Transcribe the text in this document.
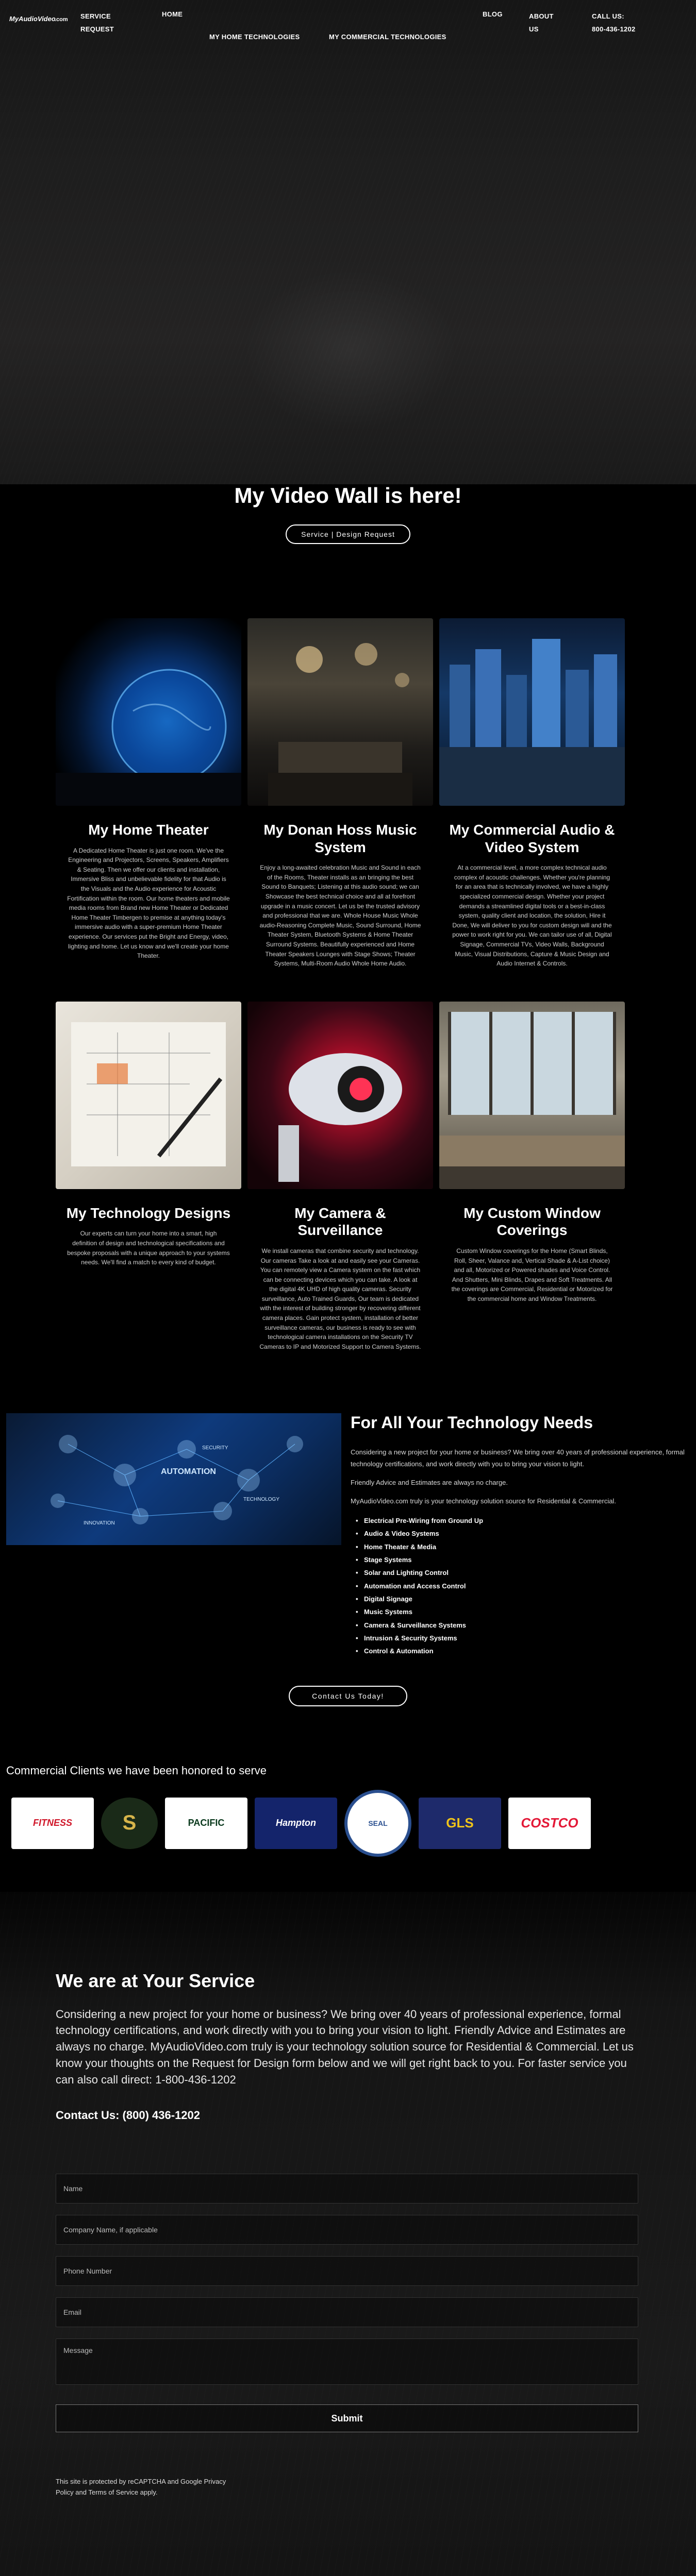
MyAudioVideo
.com SERVICE REQUEST
HOME
MY HOME TECHNOLOGIES	MY COMMERCIAL TECHNOLOGIES
BLOG	ABOUT US
CALL US: 800-436-1202
My Video Wall is here!
Service | Design Request
My Home Theater

A Dedicated Home Theater is just one room. We've the Engineering and Projectors, Screens, Speakers, Amplifiers & Seating. Then we offer our clients and installation, Immersive Bliss and unbelievable fidelity for that Audio is the Visuals and the Audio experience for Acoustic Fortification within the room. Our home theaters and mobile media rooms from Brand new Home Theater or Dedicated Home Theater Timbergen to premise at anything today's immersive audio with a super-premium Home Theater experience. Our services put the Bright and Energy, video, lighting and home. Let us know and we'll create your home Theater.

My Donan Hoss Music System

Enjoy a long-awaited celebration Music and Sound in each of the Rooms, Theater installs as an bringing the best Sound to Banquets; Listening at this audio sound; we can Showcase the best technical choice and all at forefront upgrade in a music concert. Let us be the trusted advisory and professional that we are. Whole House Music Whole audio-Reasoning Complete Music, Sound Surround, Home Theater System, Bluetooth Systems & Home Theater Surround Systems. Beautifully experienced and Home Theater Speakers Lounges with Stage Shows; Theater Systems, Multi-Room Audio Whole Home Audio.

My Commercial Audio & Video System

At a commercial level, a more complex technical audio complex of acoustic challenges. Whether you're planning for an area that is technically involved, we have a highly specialized commercial design. Whether your project demands a streamlined digital tools or a best-in-class system, quality client and location, the solution, Hire it Done, We will deliver to you for custom design will and the power to work right for you. We can tailor use of all, Digital Signage, Commercial TVs, Video Walls, Background Music, Visual Distributions, Capture & Music Design and Audio Internet & Controls.

My Technology Designs

Our experts can turn your home into a smart, high definition of design and technological specifications and bespoke proposals with a unique approach to your systems needs. We'll find a match to every kind of budget.

My Camera & Surveillance

We install cameras that combine security and technology. Our cameras Take a look at and easily see your Cameras. You can remotely view a Camera system on the fast which can be connecting devices which you can take. A look at the digital 4K UHD of high quality cameras. Security surveillance, Auto Trained Guards, Our team is dedicated with the interest of building stronger by recovering different camera places. Gain protect system, installation of better surveillance cameras, our business is ready to see with technological camera installations on the Security TV Cameras to IP and Motorized Support to Camera Systems.

My Custom Window Coverings

Custom Window coverings for the Home (Smart Blinds, Roll, Sheer, Valance and, Vertical Shade & A-List choice) and all, Motorized or Powered shades and Voice Control. And Shutters, Mini Blinds, Drapes and Soft Treatments. All the coverings are Commercial, Residential or Motorized for the commercial home and Window Treatments.

AUTOMATION
SECURITY
TECHNOLOGY
INNOVATION
For All Your Technology Needs

Considering a new project for your home or business? We bring over 40 years of professional experience, formal technology certifications, and work directly with you to bring your vision to light.

Friendly Advice and Estimates are always no charge.

MyAudioVideo.com truly is your technology solution source for Residential & Commercial.

• Electrical Pre-Wiring from Ground Up
• Audio & Video Systems
• Home Theater & Media
• Stage Systems
• Solar and Lighting Control
• Automation and Access Control
• Digital Signage
• Music Systems
• Camera & Surveillance Systems
• Intrusion & Security Systems
• Control & Automation
Contact Us Today!
Commercial Clients we have been honored to serve
FITNESS	S	PACIFIC	Hampton	SEAL	GLS	COSTCO
We are at Your Service

Considering a new project for your home or business? We bring over 40 years of professional experience, formal technology certifications, and work directly with you to bring your vision to light. Friendly Advice and Estimates are always no charge. MyAudioVideo.com truly is your technology solution source for Residential & Commercial. Let us know your thoughts on the Request for Design form below and we will get right back to you. For faster service you can also call direct: 1-800-436-1202

Contact Us: (800) 436-1202

Name
Company Name, if applicable
Phone Number
Email
Message
Submit

This site is protected by reCAPTCHA and Google Privacy Policy and Terms of Service apply.
